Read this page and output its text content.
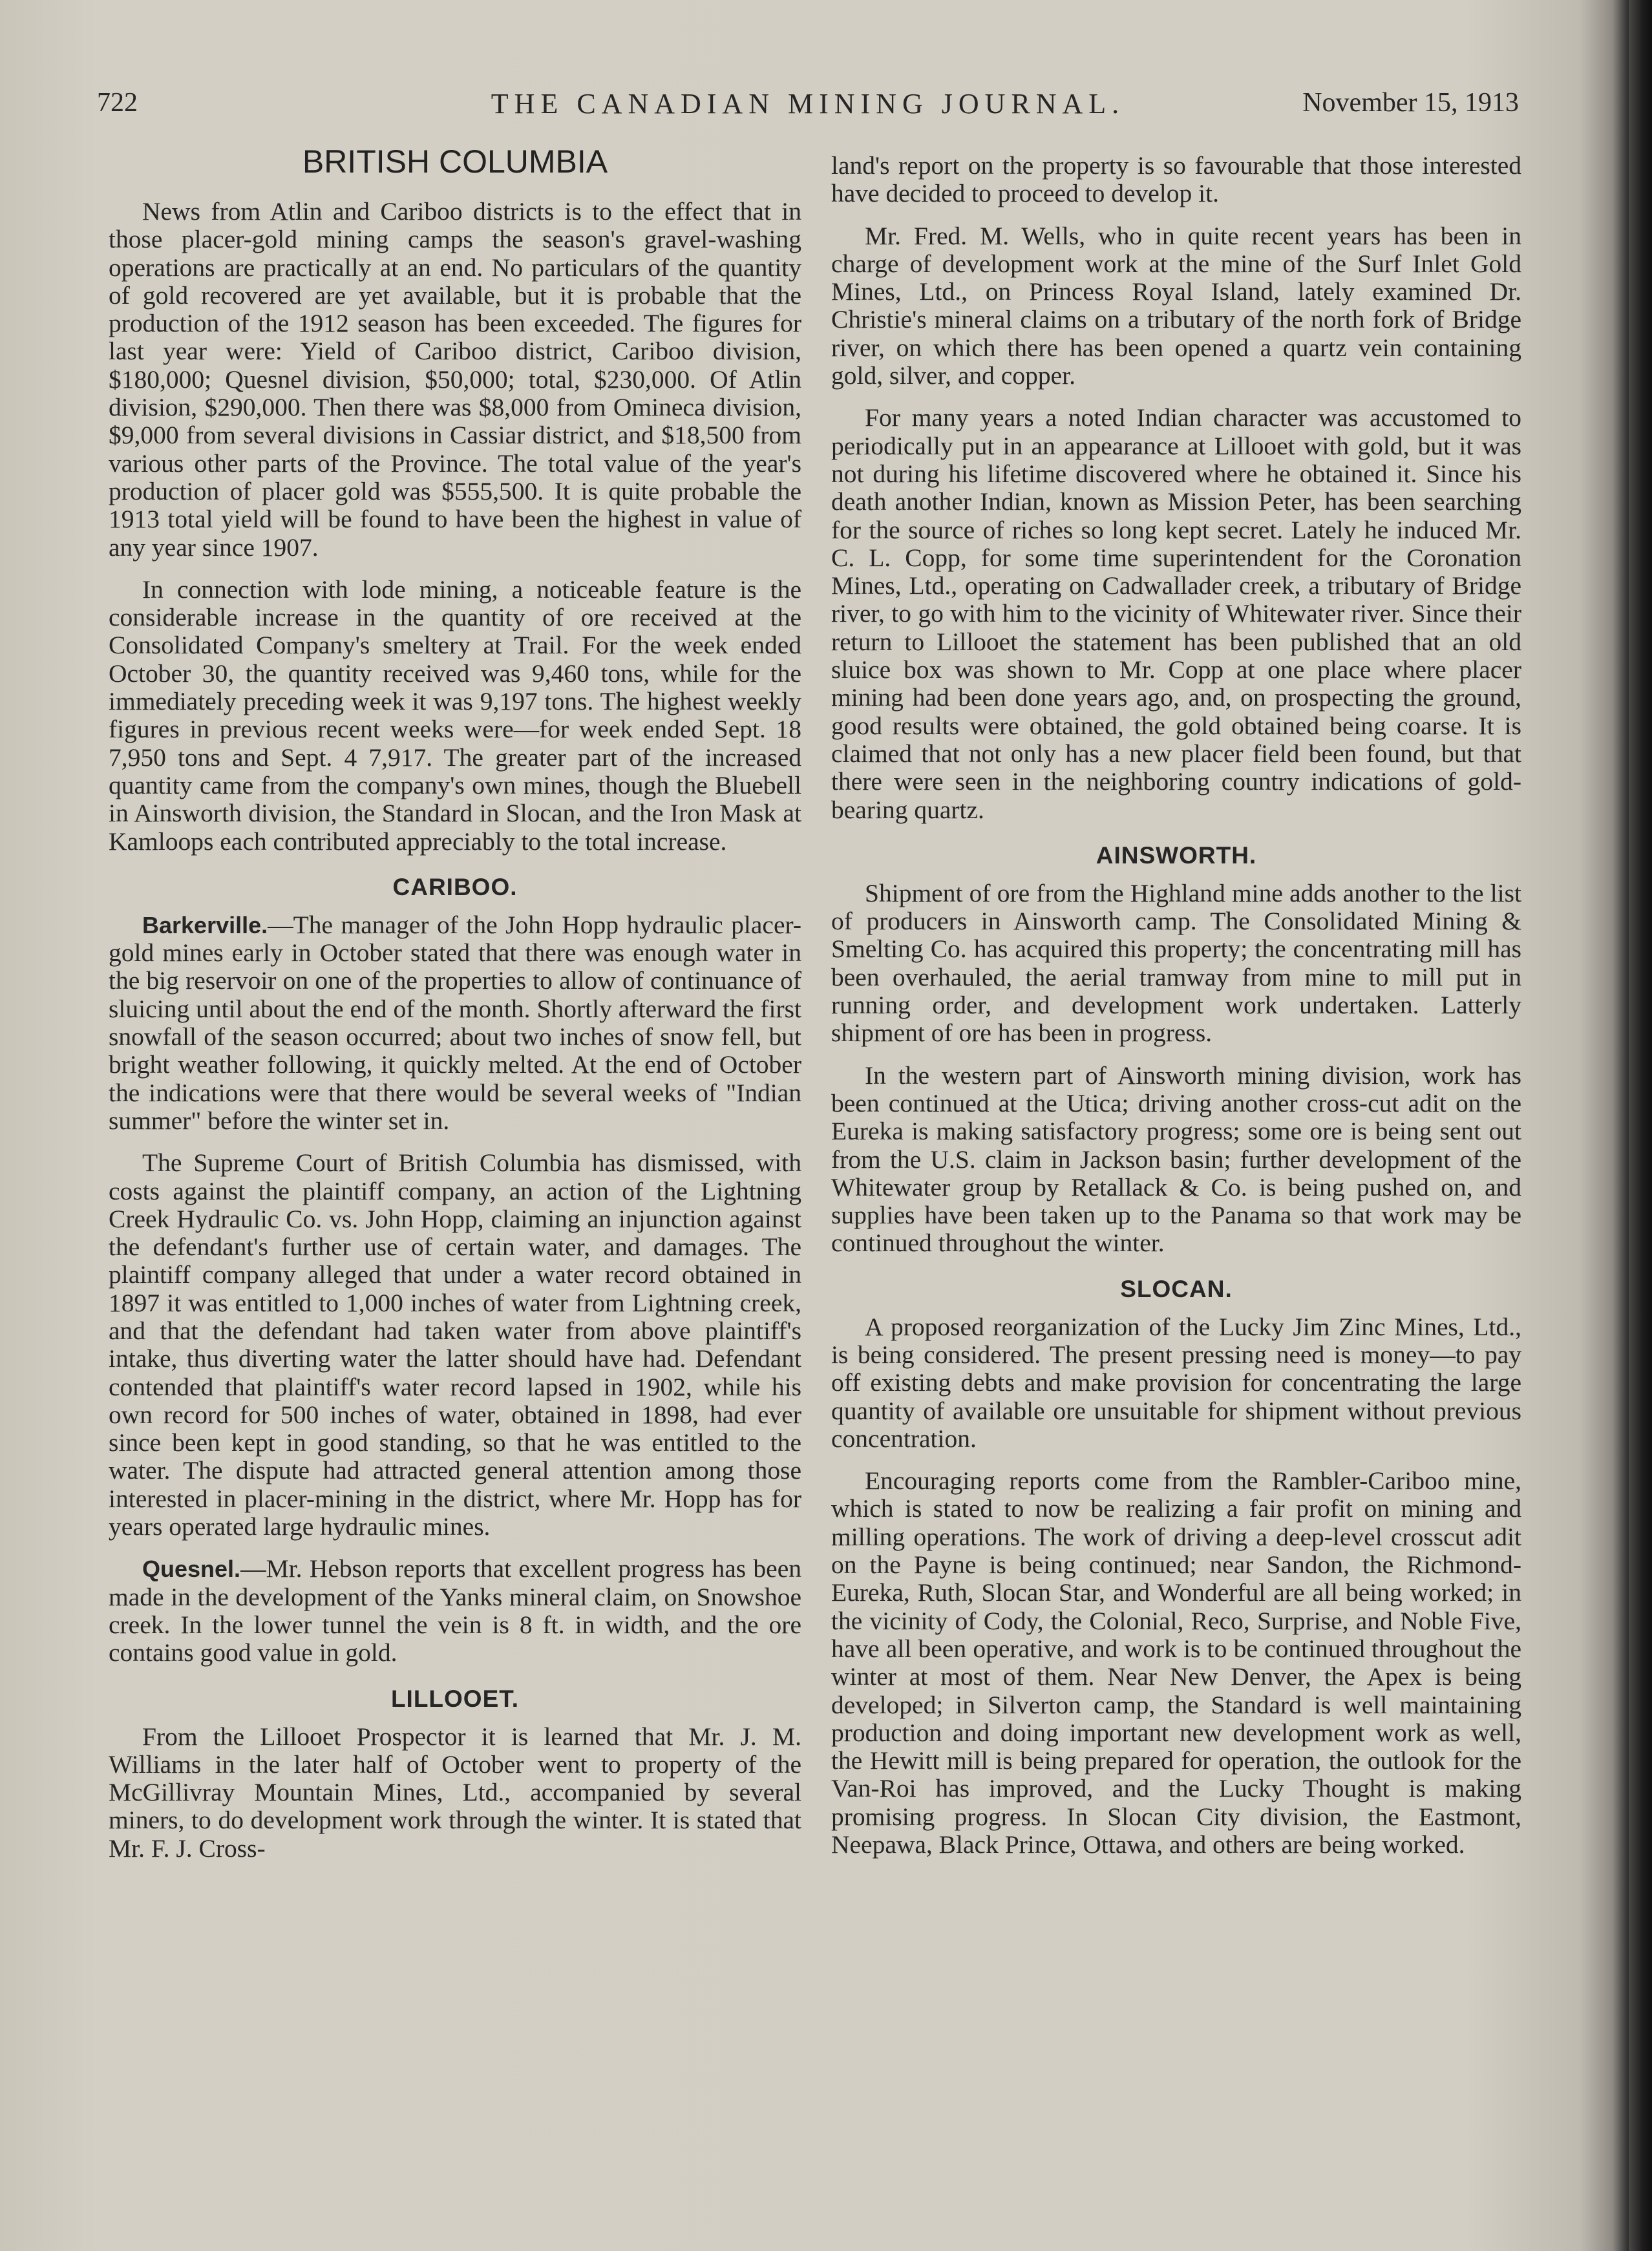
722	THE CANADIAN MINING JOURNAL.	November 15, 1913
BRITISH COLUMBIA

News from Atlin and Cariboo districts is to the effect that in those placer-gold mining camps the season's gravel-washing operations are practically at an end. No particulars of the quantity of gold recovered are yet available, but it is probable that the production of the 1912 season has been exceeded. The figures for last year were: Yield of Cariboo district, Cariboo division, $180,000; Quesnel division, $50,000; total, $230,000. Of Atlin division, $290,000. Then there was $8,000 from Omineca division, $9,000 from several divisions in Cassiar district, and $18,500 from various other parts of the Province. The total value of the year's production of placer gold was $555,500. It is quite probable the 1913 total yield will be found to have been the highest in value of any year since 1907.

In connection with lode mining, a noticeable feature is the considerable increase in the quantity of ore received at the Consolidated Company's smeltery at Trail. For the week ended October 30, the quantity received was 9,460 tons, while for the immediately preceding week it was 9,197 tons. The highest weekly figures in previous recent weeks were—for week ended Sept. 18 7,950 tons and Sept. 4 7,917. The greater part of the increased quantity came from the company's own mines, though the Bluebell in Ainsworth division, the Standard in Slocan, and the Iron Mask at Kamloops each contributed appreciably to the total increase.

CARIBOO.

Barkerville.—The manager of the John Hopp hydraulic placer-gold mines early in October stated that there was enough water in the big reservoir on one of the properties to allow of continuance of sluicing until about the end of the month. Shortly afterward the first snowfall of the season occurred; about two inches of snow fell, but bright weather following, it quickly melted. At the end of October the indications were that there would be several weeks of "Indian summer" before the winter set in.

The Supreme Court of British Columbia has dismissed, with costs against the plaintiff company, an action of the Lightning Creek Hydraulic Co. vs. John Hopp, claiming an injunction against the defendant's further use of certain water, and damages. The plaintiff company alleged that under a water record obtained in 1897 it was entitled to 1,000 inches of water from Lightning creek, and that the defendant had taken water from above plaintiff's intake, thus diverting water the latter should have had. Defendant contended that plaintiff's water record lapsed in 1902, while his own record for 500 inches of water, obtained in 1898, had ever since been kept in good standing, so that he was entitled to the water. The dispute had attracted general attention among those interested in placer-mining in the district, where Mr. Hopp has for years operated large hydraulic mines.

Quesnel.—Mr. Hebson reports that excellent progress has been made in the development of the Yanks mineral claim, on Snowshoe creek. In the lower tunnel the vein is 8 ft. in width, and the ore contains good value in gold.

LILLOOET.

From the Lillooet Prospector it is learned that Mr. J. M. Williams in the later half of October went to property of the McGillivray Mountain Mines, Ltd., accompanied by several miners, to do development work through the winter. It is stated that Mr. F. J. Cross-

land's report on the property is so favourable that those interested have decided to proceed to develop it.

Mr. Fred. M. Wells, who in quite recent years has been in charge of development work at the mine of the Surf Inlet Gold Mines, Ltd., on Princess Royal Island, lately examined Dr. Christie's mineral claims on a tributary of the north fork of Bridge river, on which there has been opened a quartz vein containing gold, silver, and copper.

For many years a noted Indian character was accustomed to periodically put in an appearance at Lillooet with gold, but it was not during his lifetime discovered where he obtained it. Since his death another Indian, known as Mission Peter, has been searching for the source of riches so long kept secret. Lately he induced Mr. C. L. Copp, for some time superintendent for the Coronation Mines, Ltd., operating on Cadwallader creek, a tributary of Bridge river, to go with him to the vicinity of Whitewater river. Since their return to Lillooet the statement has been published that an old sluice box was shown to Mr. Copp at one place where placer mining had been done years ago, and, on prospecting the ground, good results were obtained, the gold obtained being coarse. It is claimed that not only has a new placer field been found, but that there were seen in the neighboring country indications of gold-bearing quartz.

AINSWORTH.

Shipment of ore from the Highland mine adds another to the list of producers in Ainsworth camp. The Consolidated Mining & Smelting Co. has acquired this property; the concentrating mill has been overhauled, the aerial tramway from mine to mill put in running order, and development work undertaken. Latterly shipment of ore has been in progress.

In the western part of Ainsworth mining division, work has been continued at the Utica; driving another cross-cut adit on the Eureka is making satisfactory progress; some ore is being sent out from the U.S. claim in Jackson basin; further development of the Whitewater group by Retallack & Co. is being pushed on, and supplies have been taken up to the Panama so that work may be continued throughout the winter.

SLOCAN.

A proposed reorganization of the Lucky Jim Zinc Mines, Ltd., is being considered. The present pressing need is money—to pay off existing debts and make provision for concentrating the large quantity of available ore unsuitable for shipment without previous concentration.

Encouraging reports come from the Rambler-Cariboo mine, which is stated to now be realizing a fair profit on mining and milling operations. The work of driving a deep-level crosscut adit on the Payne is being continued; near Sandon, the Richmond-Eureka, Ruth, Slocan Star, and Wonderful are all being worked; in the vicinity of Cody, the Colonial, Reco, Surprise, and Noble Five, have all been operative, and work is to be continued throughout the winter at most of them. Near New Denver, the Apex is being developed; in Silverton camp, the Standard is well maintaining production and doing important new development work as well, the Hewitt mill is being prepared for operation, the outlook for the Van-Roi has improved, and the Lucky Thought is making promising progress. In Slocan City division, the Eastmont, Neepawa, Black Prince, Ottawa, and others are being worked.
